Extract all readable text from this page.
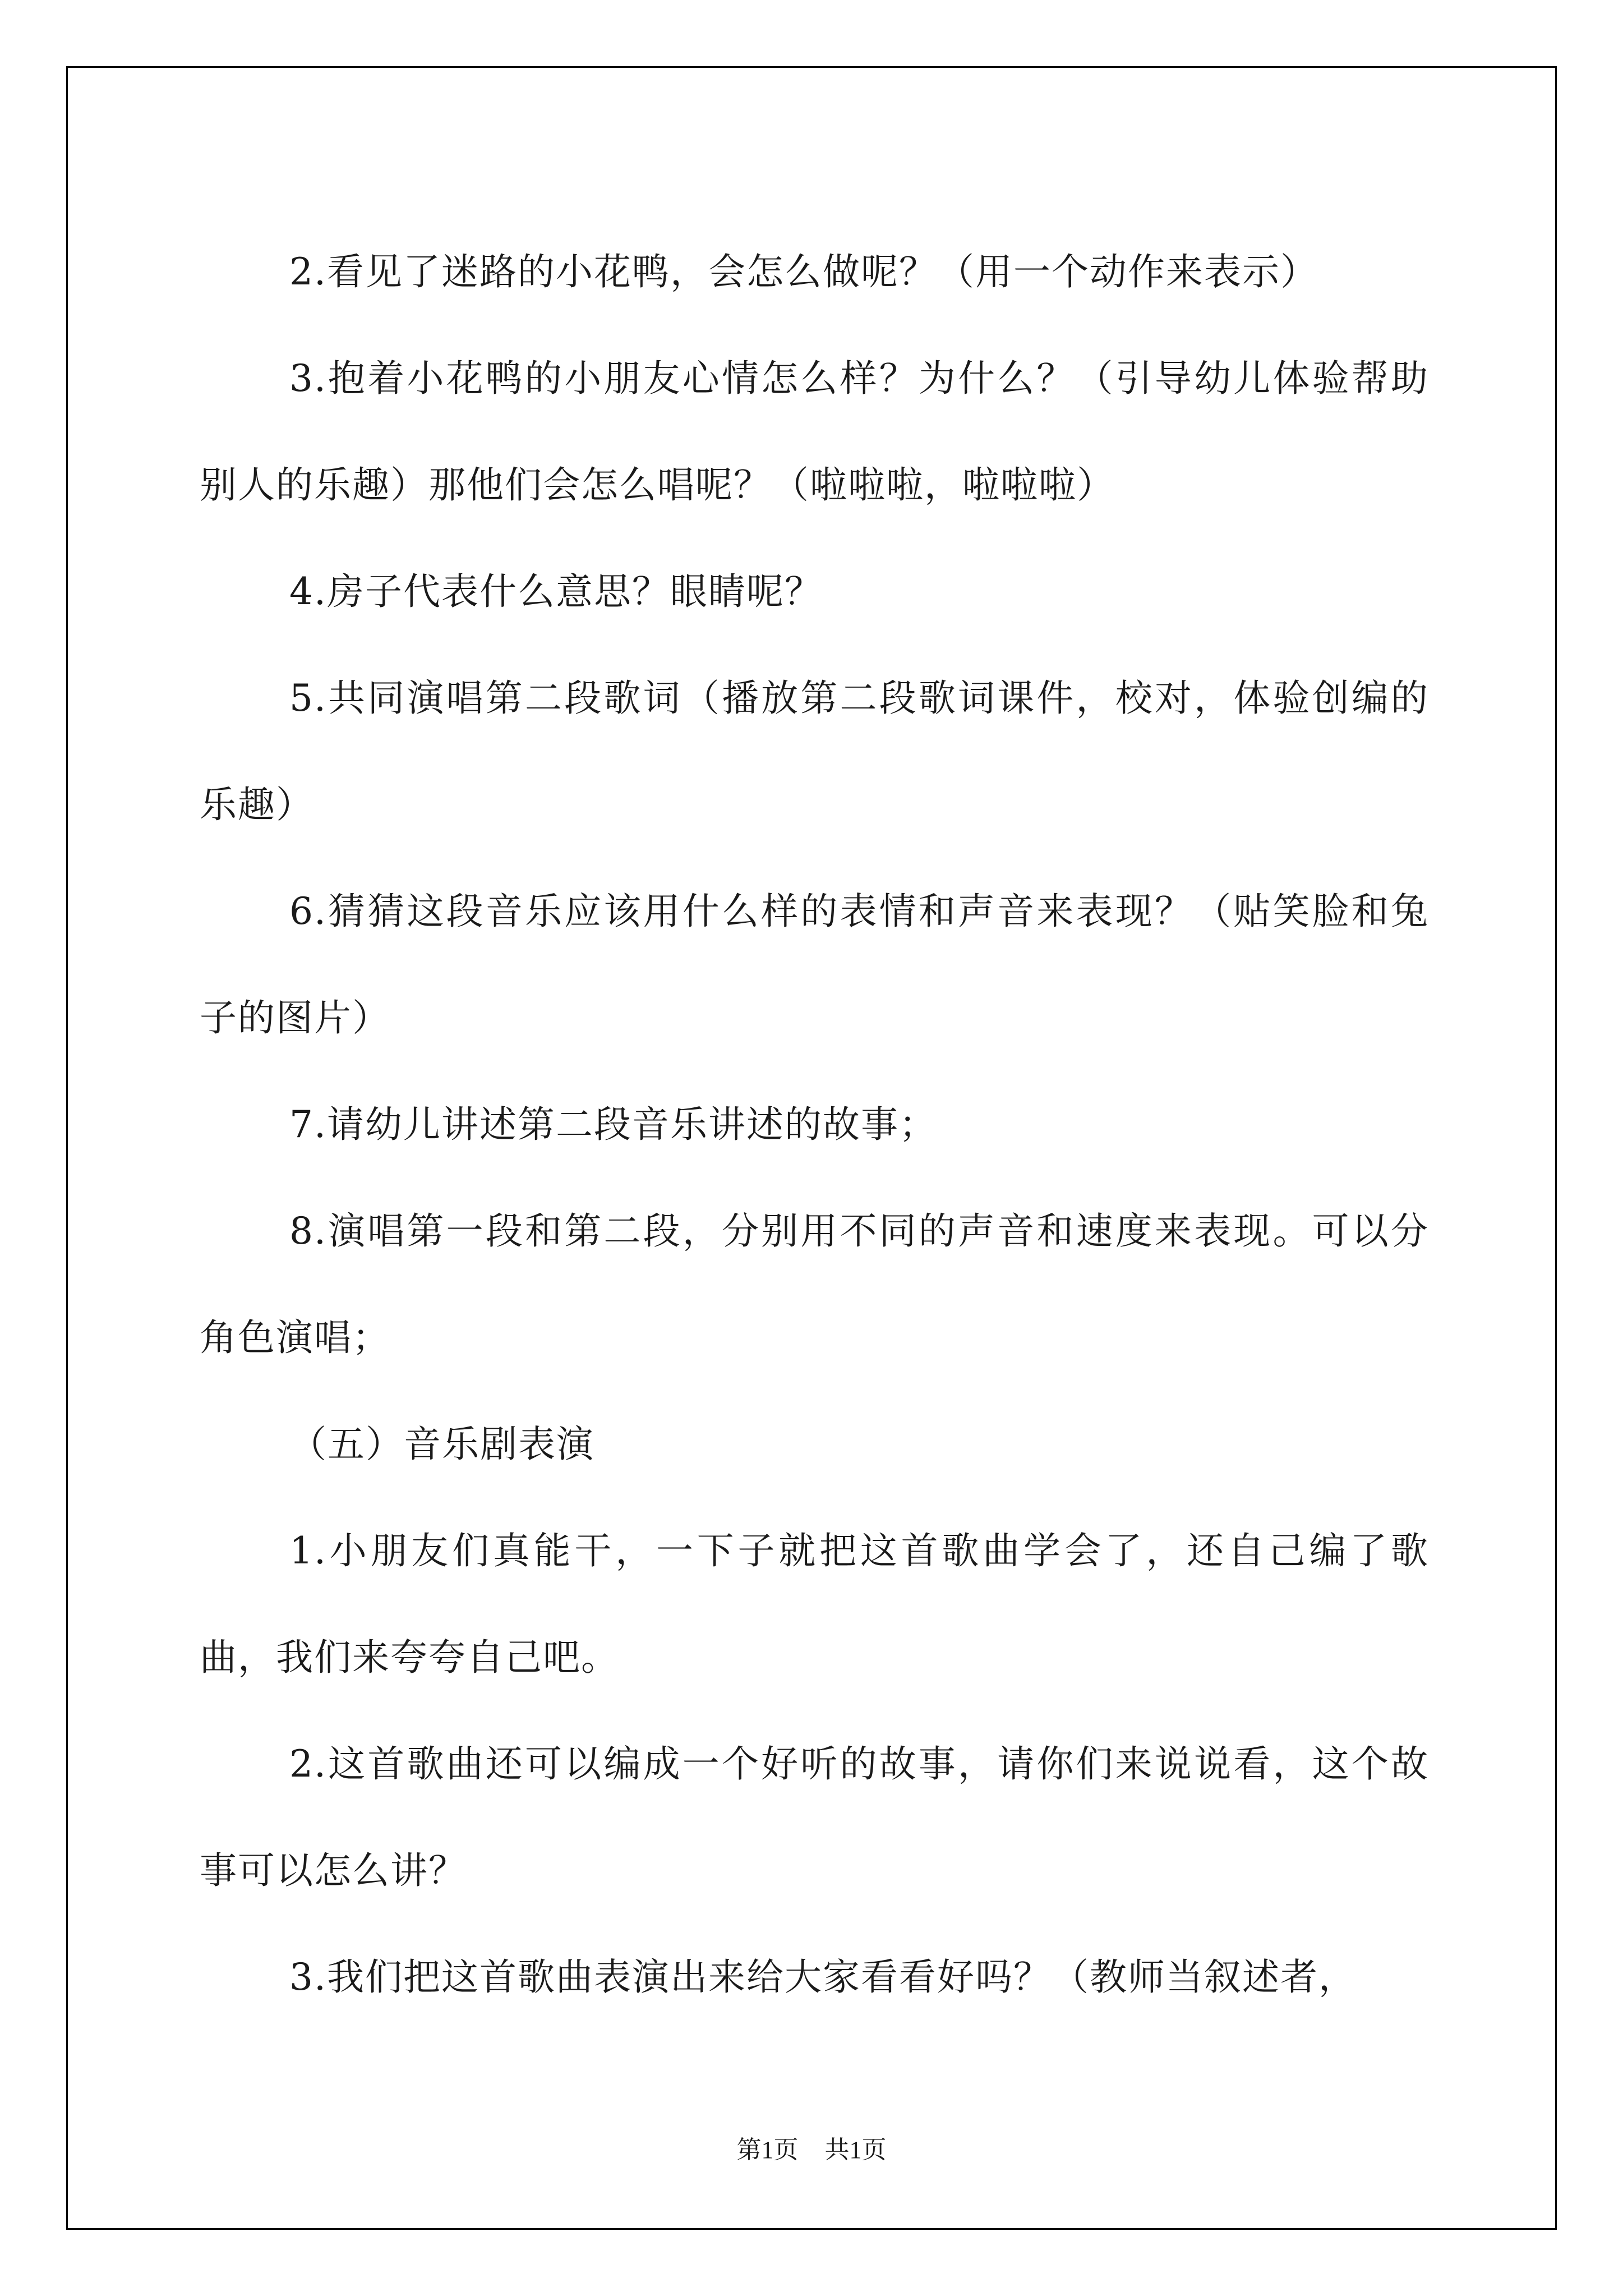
2.看见了迷路的小花鸭，会怎么做呢？（用一个动作来表示）

3.抱着小花鸭的小朋友心情怎么样？为什么？（引导幼儿体验帮助别人的乐趣）那他们会怎么唱呢？（啦啦啦，啦啦啦）

4.房子代表什么意思？眼睛呢？

5.共同演唱第二段歌词（播放第二段歌词课件，校对，体验创编的乐趣）

6.猜猜这段音乐应该用什么样的表情和声音来表现？（贴笑脸和兔子的图片）

7.请幼儿讲述第二段音乐讲述的故事；

8.演唱第一段和第二段，分别用不同的声音和速度来表现。可以分角色演唱；

（五）音乐剧表演

1.小朋友们真能干，一下子就把这首歌曲学会了，还自己编了歌曲，我们来夸夸自己吧。

2.这首歌曲还可以编成一个好听的故事，请你们来说说看，这个故事可以怎么讲？

3.我们把这首歌曲表演出来给大家看看好吗？（教师当叙述者，

第1页 共1页
